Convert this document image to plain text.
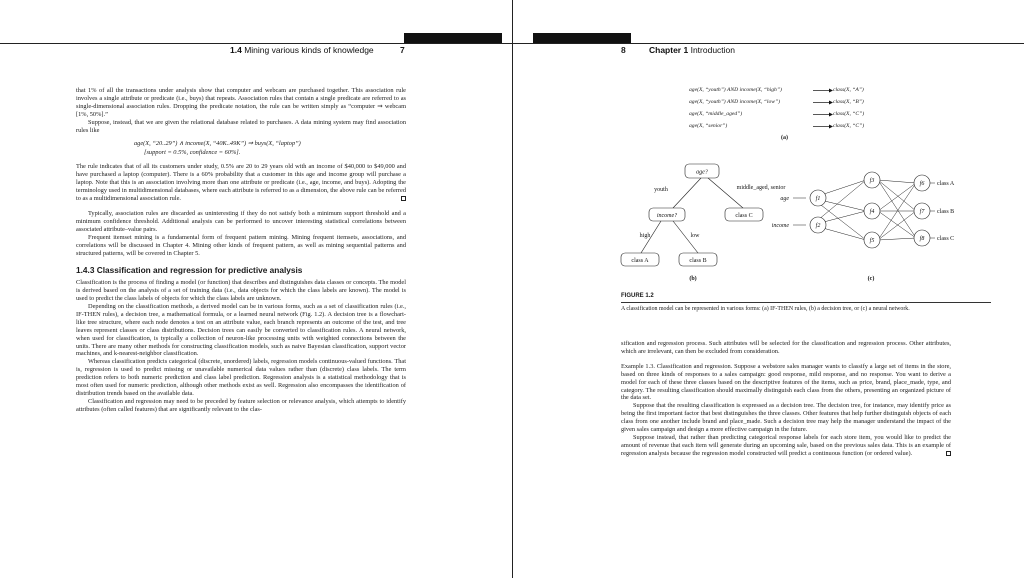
1.4 Mining various kinds of knowledge	7

that 1% of all the transactions under analysis show that computer and webcam are purchased together. This association rule involves a single attribute or predicate (i.e., buys) that repeats. Association rules that contain a single predicate are referred to as single-dimensional association rules. Dropping the predicate notation, the rule can be written simply as “computer ⇒ webcam [1%, 50%].”

Suppose, instead, that we are given the relational database related to purchases. A data mining system may find association rules like

age(X, “20..29”) ∧ income(X, “40K..49K”) ⇒ buys(X, “laptop”)
[support = 0.5%, confidence = 60%].

The rule indicates that of all its customers under study, 0.5% are 20 to 29 years old with an income of $40,000 to $49,000 and have purchased a laptop (computer). There is a 60% probability that a customer in this age and income group will purchase a laptop. Note that this is an association involving more than one attribute or predicate (i.e., age, income, and buys). Adopting the terminology used in multidimensional databases, where each attribute is referred to as a dimension, the above rule can be referred to as a multidimensional association rule.

Typically, association rules are discarded as uninteresting if they do not satisfy both a minimum support threshold and a minimum confidence threshold. Additional analysis can be performed to uncover interesting statistical correlations between associated attribute–value pairs.

Frequent itemset mining is a fundamental form of frequent pattern mining. Mining frequent itemsets, associations, and correlations will be discussed in Chapter 4. Mining other kinds of frequent pattern, as well as mining sequential patterns and structured patterns, will be covered in Chapter 5.

1.4.3 Classification and regression for predictive analysis

Classification is the process of finding a model (or function) that describes and distinguishes data classes or concepts. The model is derived based on the analysis of a set of training data (i.e., data objects for which the class labels are known). The model is used to predict the class labels of objects for which the class labels are unknown.

Depending on the classification methods, a derived model can be in various forms, such as a set of classification rules (i.e., IF-THEN rules), a decision tree, a mathematical formula, or a learned neural network (Fig. 1.2). A decision tree is a flowchart-like tree structure, where each node denotes a test on an attribute value, each branch represents an outcome of the test, and tree leaves represent classes or class distributions. Decision trees can easily be converted to classification rules. A neural network, when used for classification, is typically a collection of neuron-like processing units with weighted connections between the units. There are many other methods for constructing classification models, such as naive Bayesian classification, support vector machines, and k-nearest-neighbor classification.

Whereas classification predicts categorical (discrete, unordered) labels, regression models continuous-valued functions. That is, regression is used to predict missing or unavailable numerical data values rather than (discrete) class labels. The term prediction refers to both numeric prediction and class label prediction. Regression analysis is a statistical methodology that is most often used for numeric prediction, although other methods exist as well. Regression also encompasses the identification of distribution trends based on the available data.

Classification and regression may need to be preceded by feature selection or relevance analysis, which attempts to identify attributes (often called features) that are significantly relevant to the clas-

8	Chapter 1 Introduction
age(X, “youth”) AND income(X, “high”)	class(X, “A”)
age(X, “youth”) AND income(X, “low”)	class(X, “B”)
age(X, “middle_aged”)	class(X, “C”)
age(X, “senior”)	class(X, “C”)
(a)
age?
youth	middle_aged, senior
income?	class C
high	low
class A	class B
(b)
age
income
f1
f2
f3
f4
f5
f6
f7
f8
class A
class B
class C
(c)
FIGURE 1.2
A classification model can be represented in various forms: (a) IF-THEN rules, (b) a decision tree, or (c) a neural network.

sification and regression process. Such attributes will be selected for the classification and regression process. Other attributes, which are irrelevant, can then be excluded from consideration.

Example 1.3. Classification and regression. Suppose a webstore sales manager wants to classify a large set of items in the store, based on three kinds of responses to a sales campaign: good response, mild response, and no response. You want to derive a model for each of these three classes based on the descriptive features of the items, such as price, brand, place_made, type, and category. The resulting classification should maximally distinguish each class from the others, presenting an organized picture of the data set.

Suppose that the resulting classification is expressed as a decision tree. The decision tree, for instance, may identify price as being the first important factor that best distinguishes the three classes. Other features that help further distinguish objects of each class from one another include brand and place_made. Such a decision tree may help the manager understand the impact of the given sales campaign and design a more effective campaign in the future.

Suppose instead, that rather than predicting categorical response labels for each store item, you would like to predict the amount of revenue that each item will generate during an upcoming sale, based on the previous sales data. This is an example of regression analysis because the regression model constructed will predict a continuous function (or ordered value).
